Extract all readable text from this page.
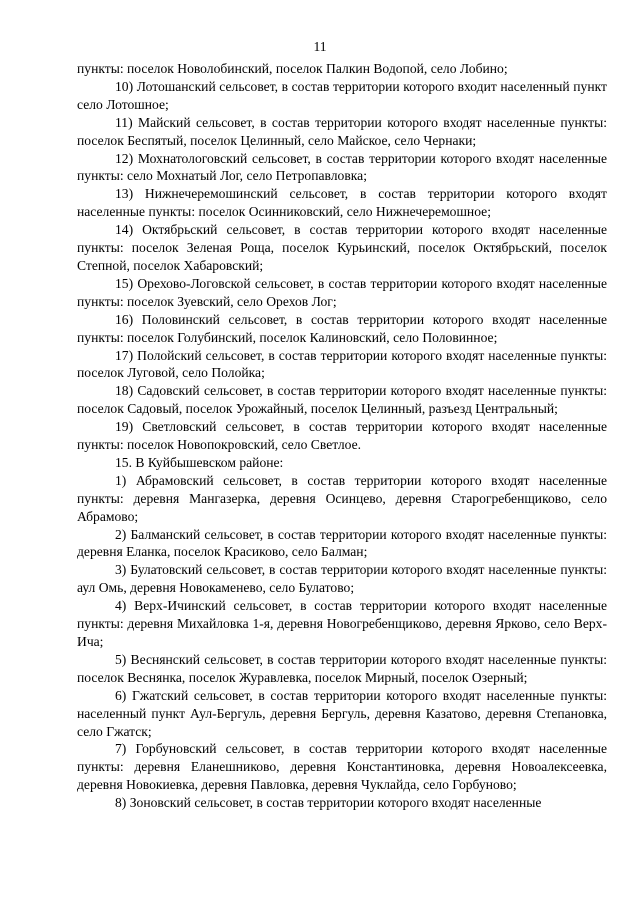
11

пункты: поселок Новолобинский, поселок Палкин Водопой, село Лобино;

10) Лотошанский сельсовет, в состав территории которого входит населенный пункт село Лотошное;

11) Майский сельсовет, в состав территории которого входят населенные пункты: поселок Беспятый, поселок Целинный, село Майское, село Чернаки;

12) Мохнатологовский сельсовет, в состав территории которого входят населенные пункты: село Мохнатый Лог, село Петропавловка;

13) Нижнечеремошинский сельсовет, в состав территории которого входят населенные пункты: поселок Осинниковский, село Нижнечеремошное;

14) Октябрьский сельсовет, в состав территории которого входят населенные пункты: поселок Зеленая Роща, поселок Курьинский, поселок Октябрьский, поселок Степной, поселок Хабаровский;

15) Орехово-Логовской сельсовет, в состав территории которого входят населенные пункты: поселок Зуевский, село Орехов Лог;

16) Половинский сельсовет, в состав территории которого входят населенные пункты: поселок Голубинский, поселок Калиновский, село Половинное;

17) Полойский сельсовет, в состав территории которого входят населенные пункты: поселок Луговой, село Полойка;

18) Садовский сельсовет, в состав территории которого входят населенные пункты: поселок Садовый, поселок Урожайный, поселок Целинный, разъезд Центральный;

19) Светловский сельсовет, в состав территории которого входят населенные пункты: поселок Новопокровский, село Светлое.

15. В Куйбышевском районе:

1) Абрамовский сельсовет, в состав территории которого входят населенные пункты: деревня Мангазерка, деревня Осинцево, деревня Старогребенщиково, село Абрамово;

2) Балманский сельсовет, в состав территории которого входят населенные пункты: деревня Еланка, поселок Красиково, село Балман;

3) Булатовский сельсовет, в состав территории которого входят населенные пункты: аул Омь, деревня Новокаменево, село Булатово;

4) Верх-Ичинский сельсовет, в состав территории которого входят населенные пункты: деревня Михайловка 1-я, деревня Новогребенщиково, деревня Ярково, село Верх-Ича;

5) Веснянский сельсовет, в состав территории которого входят населенные пункты: поселок Веснянка, поселок Журавлевка, поселок Мирный, поселок Озерный;

6) Гжатский сельсовет, в состав территории которого входят населенные пункты: населенный пункт Аул-Бергуль, деревня Бергуль, деревня Казатово, деревня Степановка, село Гжатск;

7) Горбуновский сельсовет, в состав территории которого входят населенные пункты: деревня Еланешниково, деревня Константиновка, деревня Новоалексеевка, деревня Новокиевка, деревня Павловка, деревня Чуклайда, село Горбуново;

8) Зоновский сельсовет, в состав территории которого входят населенные
